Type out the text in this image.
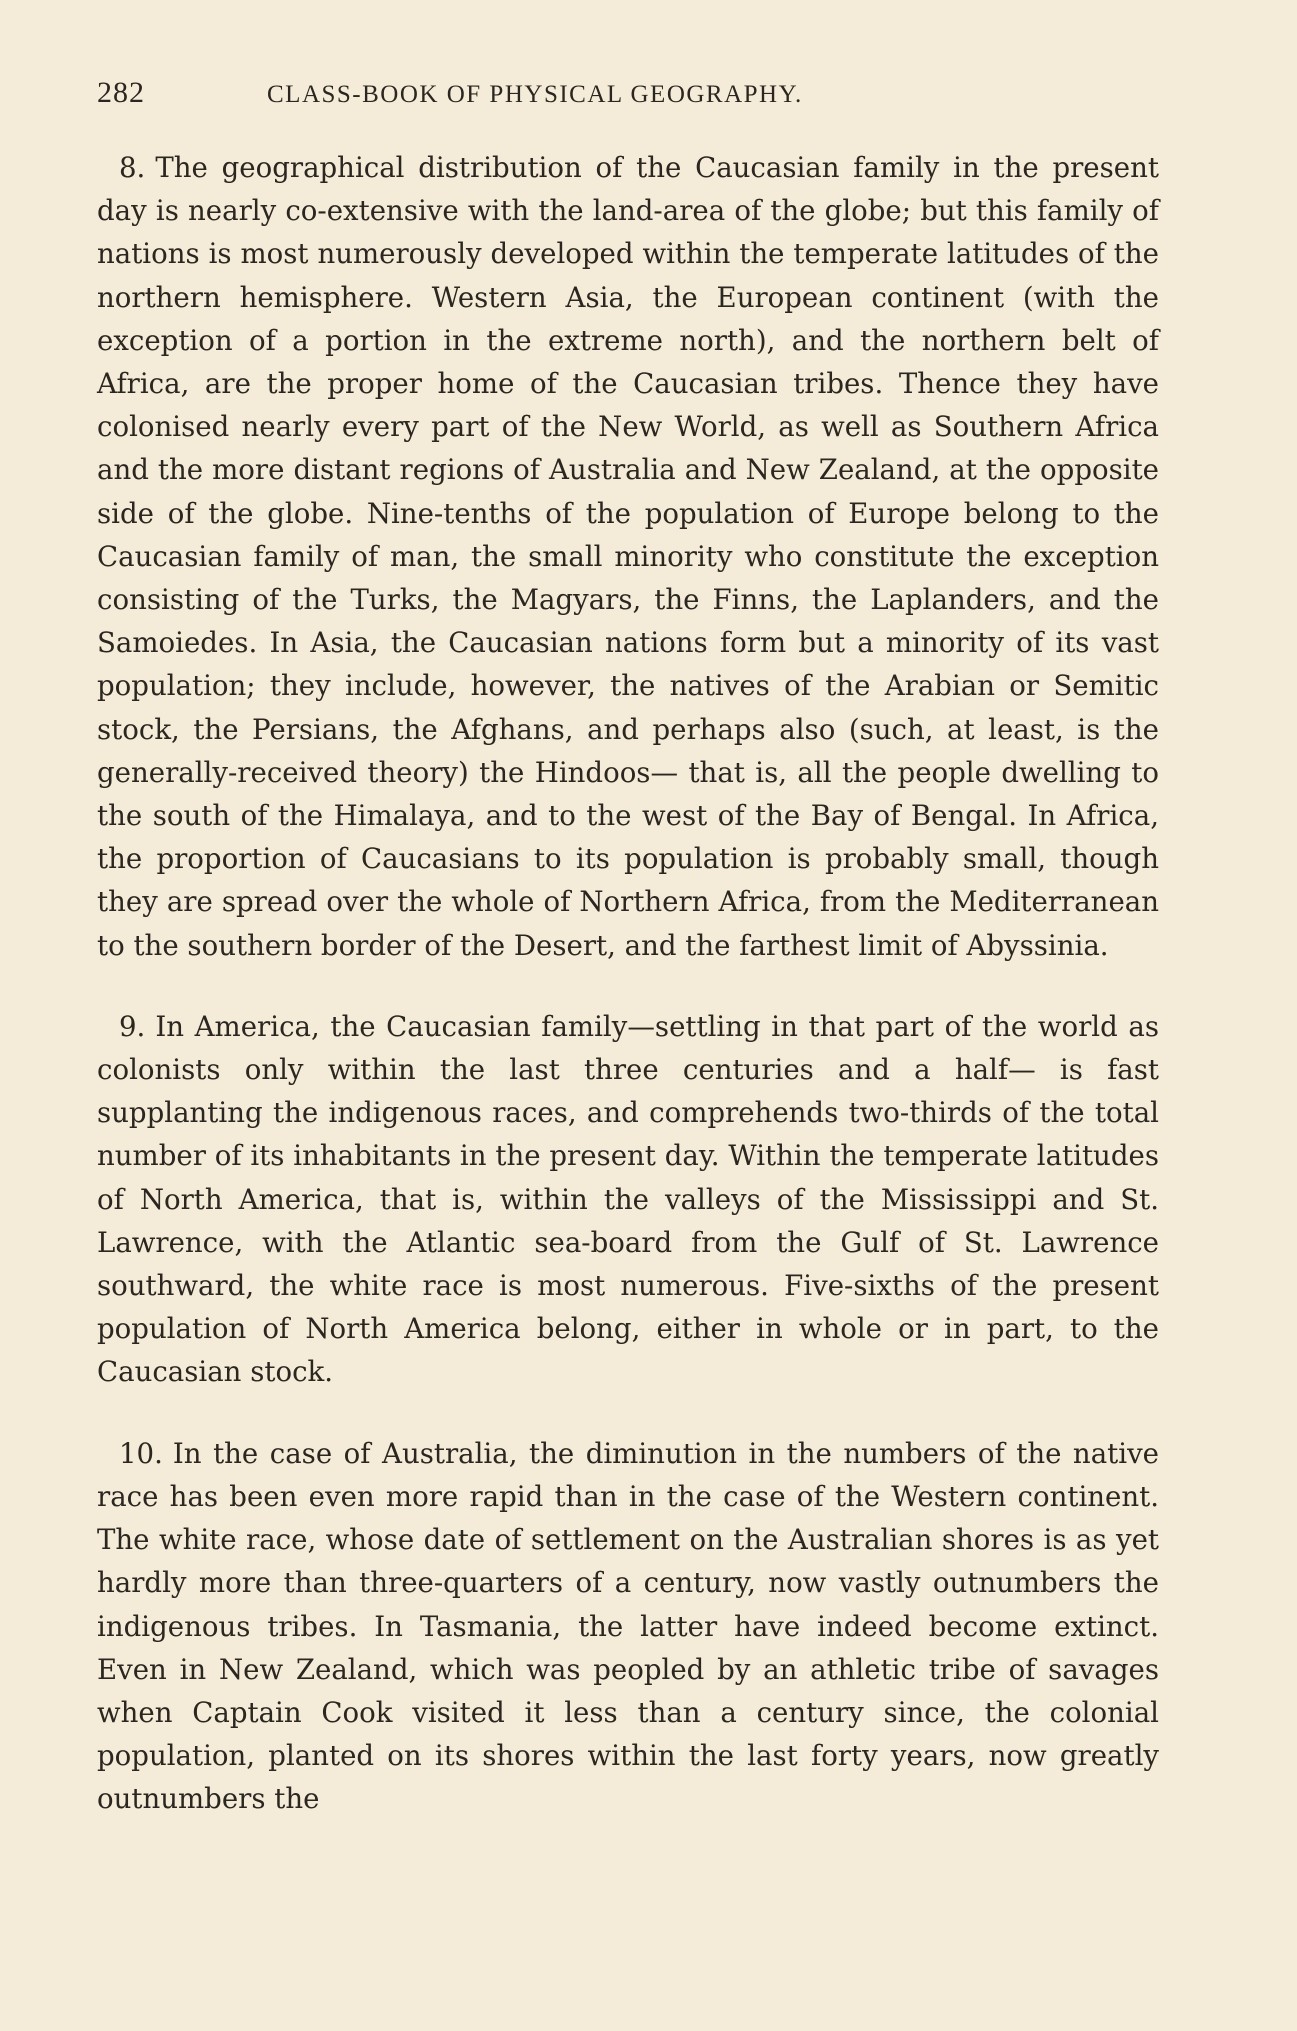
282	CLASS-BOOK OF PHYSICAL GEOGRAPHY.

8. The geographical distribution of the Caucasian family in the present day is nearly co-extensive with the land-area of the globe; but this family of nations is most numerously developed within the temperate latitudes of the northern hemisphere. Western Asia, the European continent (with the exception of a portion in the extreme north), and the northern belt of Africa, are the proper home of the Caucasian tribes. Thence they have colonised nearly every part of the New World, as well as Southern Africa and the more distant regions of Australia and New Zealand, at the opposite side of the globe. Nine-tenths of the population of Europe belong to the Caucasian family of man, the small minority who constitute the exception consisting of the Turks, the Magyars, the Finns, the Laplanders, and the Samoiedes. In Asia, the Caucasian nations form but a minority of its vast population; they include, however, the natives of the Arabian or Semitic stock, the Persians, the Afghans, and perhaps also (such, at least, is the generally-received theory) the Hindoos— that is, all the people dwelling to the south of the Himalaya, and to the west of the Bay of Bengal. In Africa, the proportion of Caucasians to its population is probably small, though they are spread over the whole of Northern Africa, from the Mediterranean to the southern border of the Desert, and the farthest limit of Abyssinia.

9. In America, the Caucasian family—settling in that part of the world as colonists only within the last three centuries and a half— is fast supplanting the indigenous races, and comprehends two-thirds of the total number of its inhabitants in the present day. Within the temperate latitudes of North America, that is, within the valleys of the Mississippi and St. Lawrence, with the Atlantic sea-board from the Gulf of St. Lawrence southward, the white race is most numerous. Five-sixths of the present population of North America belong, either in whole or in part, to the Caucasian stock.

10. In the case of Australia, the diminution in the numbers of the native race has been even more rapid than in the case of the Western continent. The white race, whose date of settlement on the Australian shores is as yet hardly more than three-quarters of a century, now vastly outnumbers the indigenous tribes. In Tasmania, the latter have indeed become extinct. Even in New Zealand, which was peopled by an athletic tribe of savages when Captain Cook visited it less than a century since, the colonial population, planted on its shores within the last forty years, now greatly outnumbers the
